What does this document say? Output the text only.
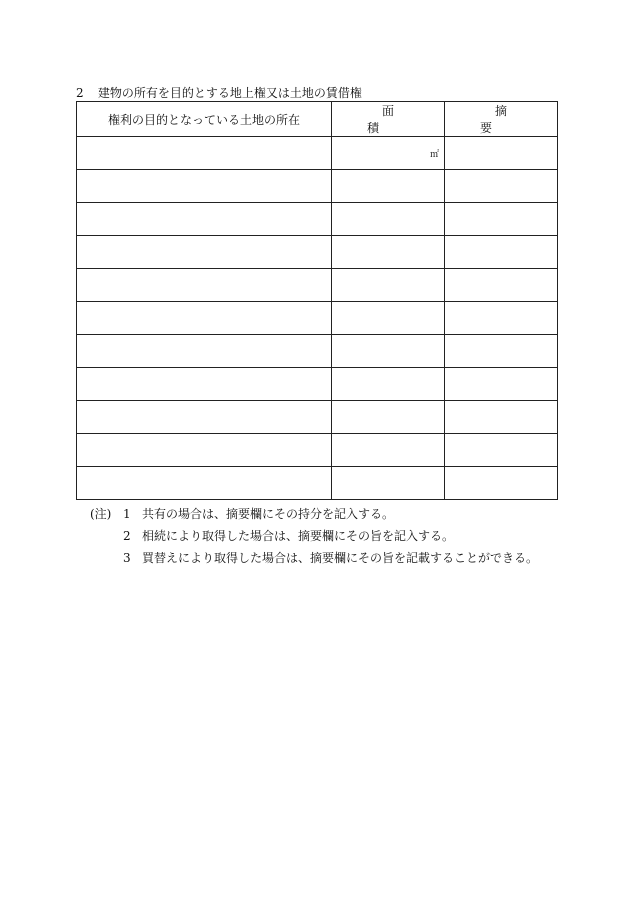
2 建物の所有を目的とする地上権又は土地の賃借権
権利の目的となっている土地の所在	面積	摘要

	㎡	

(注) 1 共有の場合は、摘要欄にその持分を記入する。
2 相続により取得した場合は、摘要欄にその旨を記入する。
3 買替えにより取得した場合は、摘要欄にその旨を記載することができる。
